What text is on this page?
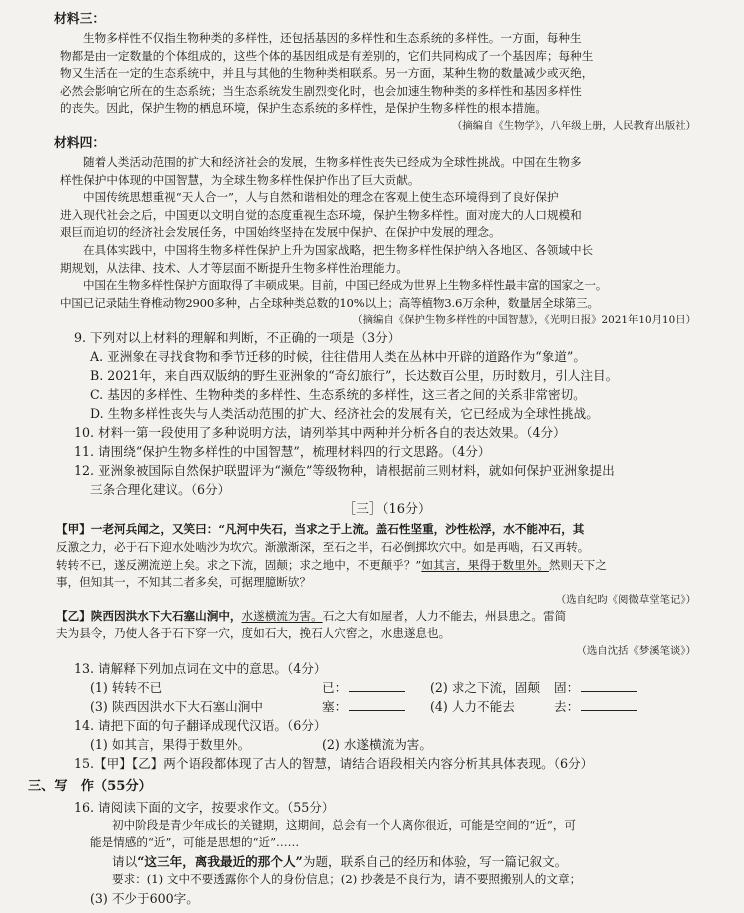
材料三：
生物多样性不仅指生物种类的多样性，还包括基因的多样性和生态系统的多样性。一方面，每种生
物都是由一定数量的个体组成的，这些个体的基因组成是有差别的，它们共同构成了一个基因库；每种生
物又生活在一定的生态系统中，并且与其他的生物种类相联系。另一方面，某种生物的数量减少或灭绝，
必然会影响它所在的生态系统；当生态系统发生剧烈变化时，也会加速生物种类的多样性和基因多样性
的丧失。因此，保护生物的栖息环境，保护生态系统的多样性，是保护生物多样性的根本措施。
（摘编自《生物学》，八年级上册，人民教育出版社）
材料四：
随着人类活动范围的扩大和经济社会的发展，生物多样性丧失已经成为全球性挑战。中国在生物多
样性保护中体现的中国智慧，为全球生物多样性保护作出了巨大贡献。
中国传统思想重视“天人合一”，人与自然和谐相处的理念在客观上使生态环境得到了良好保护
进入现代社会之后，中国更以文明自觉的态度重视生态环境，保护生物多样性。面对庞大的人口规模和
艰巨而迫切的经济社会发展任务，中国始终坚持在发展中保护、在保护中发展的理念。
在具体实践中，中国将生物多样性保护上升为国家战略，把生物多样性保护纳入各地区、各领域中长
期规划，从法律、技术、人才等层面不断提升生物多样性治理能力。
中国在生物多样性保护方面取得了丰硕成果。目前，中国已经成为世界上生物多样性最丰富的国家之一。
中国已记录陆生脊椎动物2900多种，占全球种类总数的10%以上；高等植物3.6万余种，数量居全球第三。
（摘编自《保护生物多样性的中国智慧》，《光明日报》2021年10月10日）
9. 下列对以上材料的理解和判断，不正确的一项是（3分）
A. 亚洲象在寻找食物和季节迁移的时候，往往借用人类在丛林中开辟的道路作为“象道”。
B. 2021年，来自西双版纳的野生亚洲象的“奇幻旅行”，长达数百公里，历时数月，引人注目。
C. 基因的多样性、生物种类的多样性、生态系统的多样性，这三者之间的关系非常密切。
D. 生物多样性丧失与人类活动范围的扩大、经济社会的发展有关，它已经成为全球性挑战。
10. 材料一第一段使用了多种说明方法，请列举其中两种并分析各自的表达效果。（4分）
11. 请围绕“保护生物多样性的中国智慧”，梳理材料四的行文思路。（4分）
12. 亚洲象被国际自然保护联盟评为“濒危”等级物种，请根据前三则材料，就如何保护亚洲象提出
三条合理化建议。（6分）
［三］（16分）
【甲】一老河兵闻之，又笑曰：“凡河中失石，当求之于上流。盖石性坚重，沙性松浮，水不能冲石，其
反激之力，必于石下迎水处啮沙为坎穴。渐激渐深，至石之半，石必倒掷坎穴中。如是再啮，石又再转。
转转不已，遂反溯流逆上矣。求之下流，固颠；求之地中，不更颠乎？”如其言，果得于数里外。然则天下之
事，但知其一，不知其二者多矣，可据理臆断欤？
（选自纪昀《阅微草堂笔记》）
【乙】陕西因洪水下大石塞山涧中，水遂横流为害。石之大有如屋者，人力不能去，州县患之。雷简
夫为县令，乃使人各于石下穿一穴，度如石大，挽石人穴窖之，水患遂息也。
（选自沈括《梦溪笔谈》）
13. 请解释下列加点词在文中的意思。（4分）
(1) 转转不已	已：	(2) 求之下流，固颠	固：
(3) 陕西因洪水下大石塞山涧中	塞：	(4) 人力不能去	去：
14. 请把下面的句子翻译成现代汉语。（6分）
(1) 如其言，果得于数里外。	(2) 水遂横流为害。
15.【甲】【乙】两个语段都体现了古人的智慧，请结合语段相关内容分析其具体表现。（6分）
三、写　作（55分）
16. 请阅读下面的文字，按要求作文。（55分）
初中阶段是青少年成长的关键期，这期间，总会有一个人离你很近，可能是空间的“近”，可
能是情感的“近”，可能是思想的“近”……
请以“这三年，离我最近的那个人”为题，联系自己的经历和体验，写一篇记叙文。
要求：(1) 文中不要透露你个人的身份信息；(2) 抄袭是不良行为，请不要照搬别人的文章；
(3) 不少于600字。
